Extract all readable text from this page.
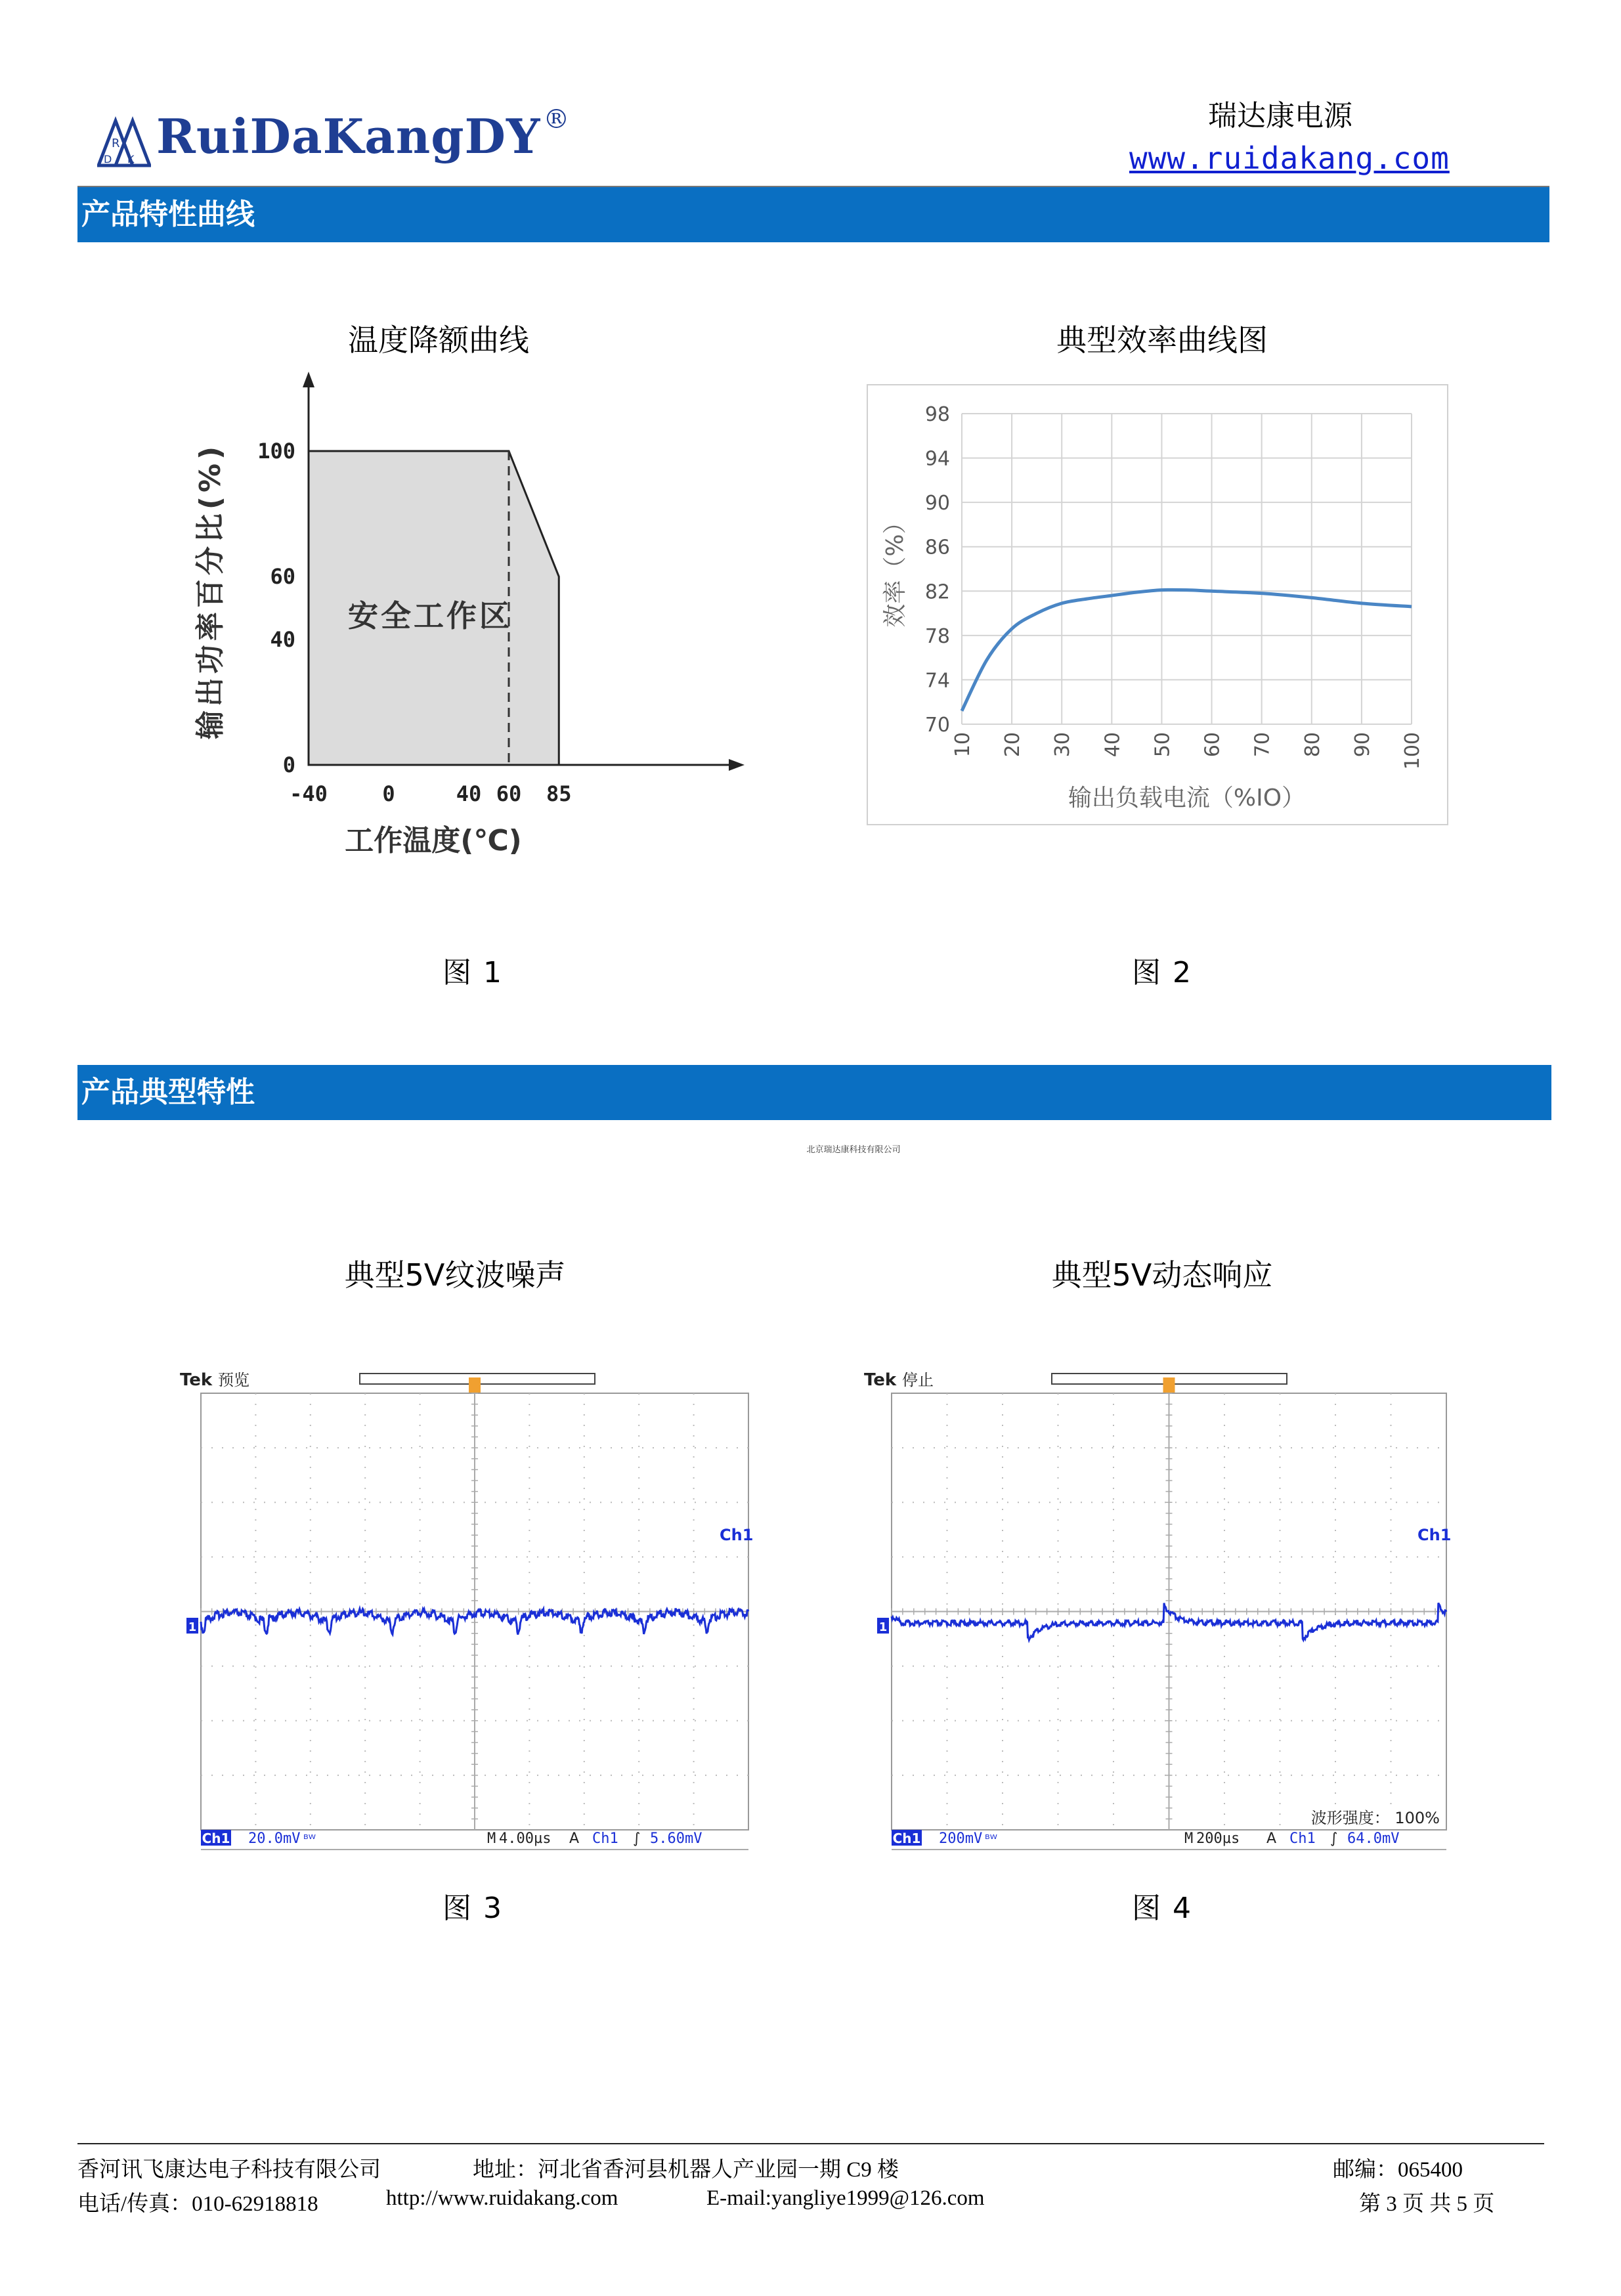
R
D K RuiDaKangDY ®	瑞达康电源
www.ruidakang.com
产品特性曲线
温度降额曲线	典型效率曲线图
-40	0	40 60 85
0
40
60
100
安全工作区
工作温度(℃)
输出功率百分比(%)	70
74
78
82
86
90
94
98
10 20 30 40 50 60 70 80 90 100
输出负载电流（%IO）
效率（%）
图 1	图 2
产品典型特性
北京瑞达康科技有限公司
典型5V纹波噪声	典型5V动态响应
Tek 预览
1
Ch1
Ch1 20.0mV ᴮᵂ	M 4.00µs A Ch1 ∫ 5.60mV
Tek 停止
1
Ch1
Ch1 200mV ᴮᵂ	M 200µs A Ch1 ∫ 64.0mV
波形强度： 100%
图 3	图 4
香河讯飞康达电子科技有限公司	地址：河北省香河县机器人产业园一期 C9 楼	邮编：065400
电话/传真：010-62918818	http://www.ruidakang.com	E-mail:yangliye1999@126.com	第 3 页 共 5 页
